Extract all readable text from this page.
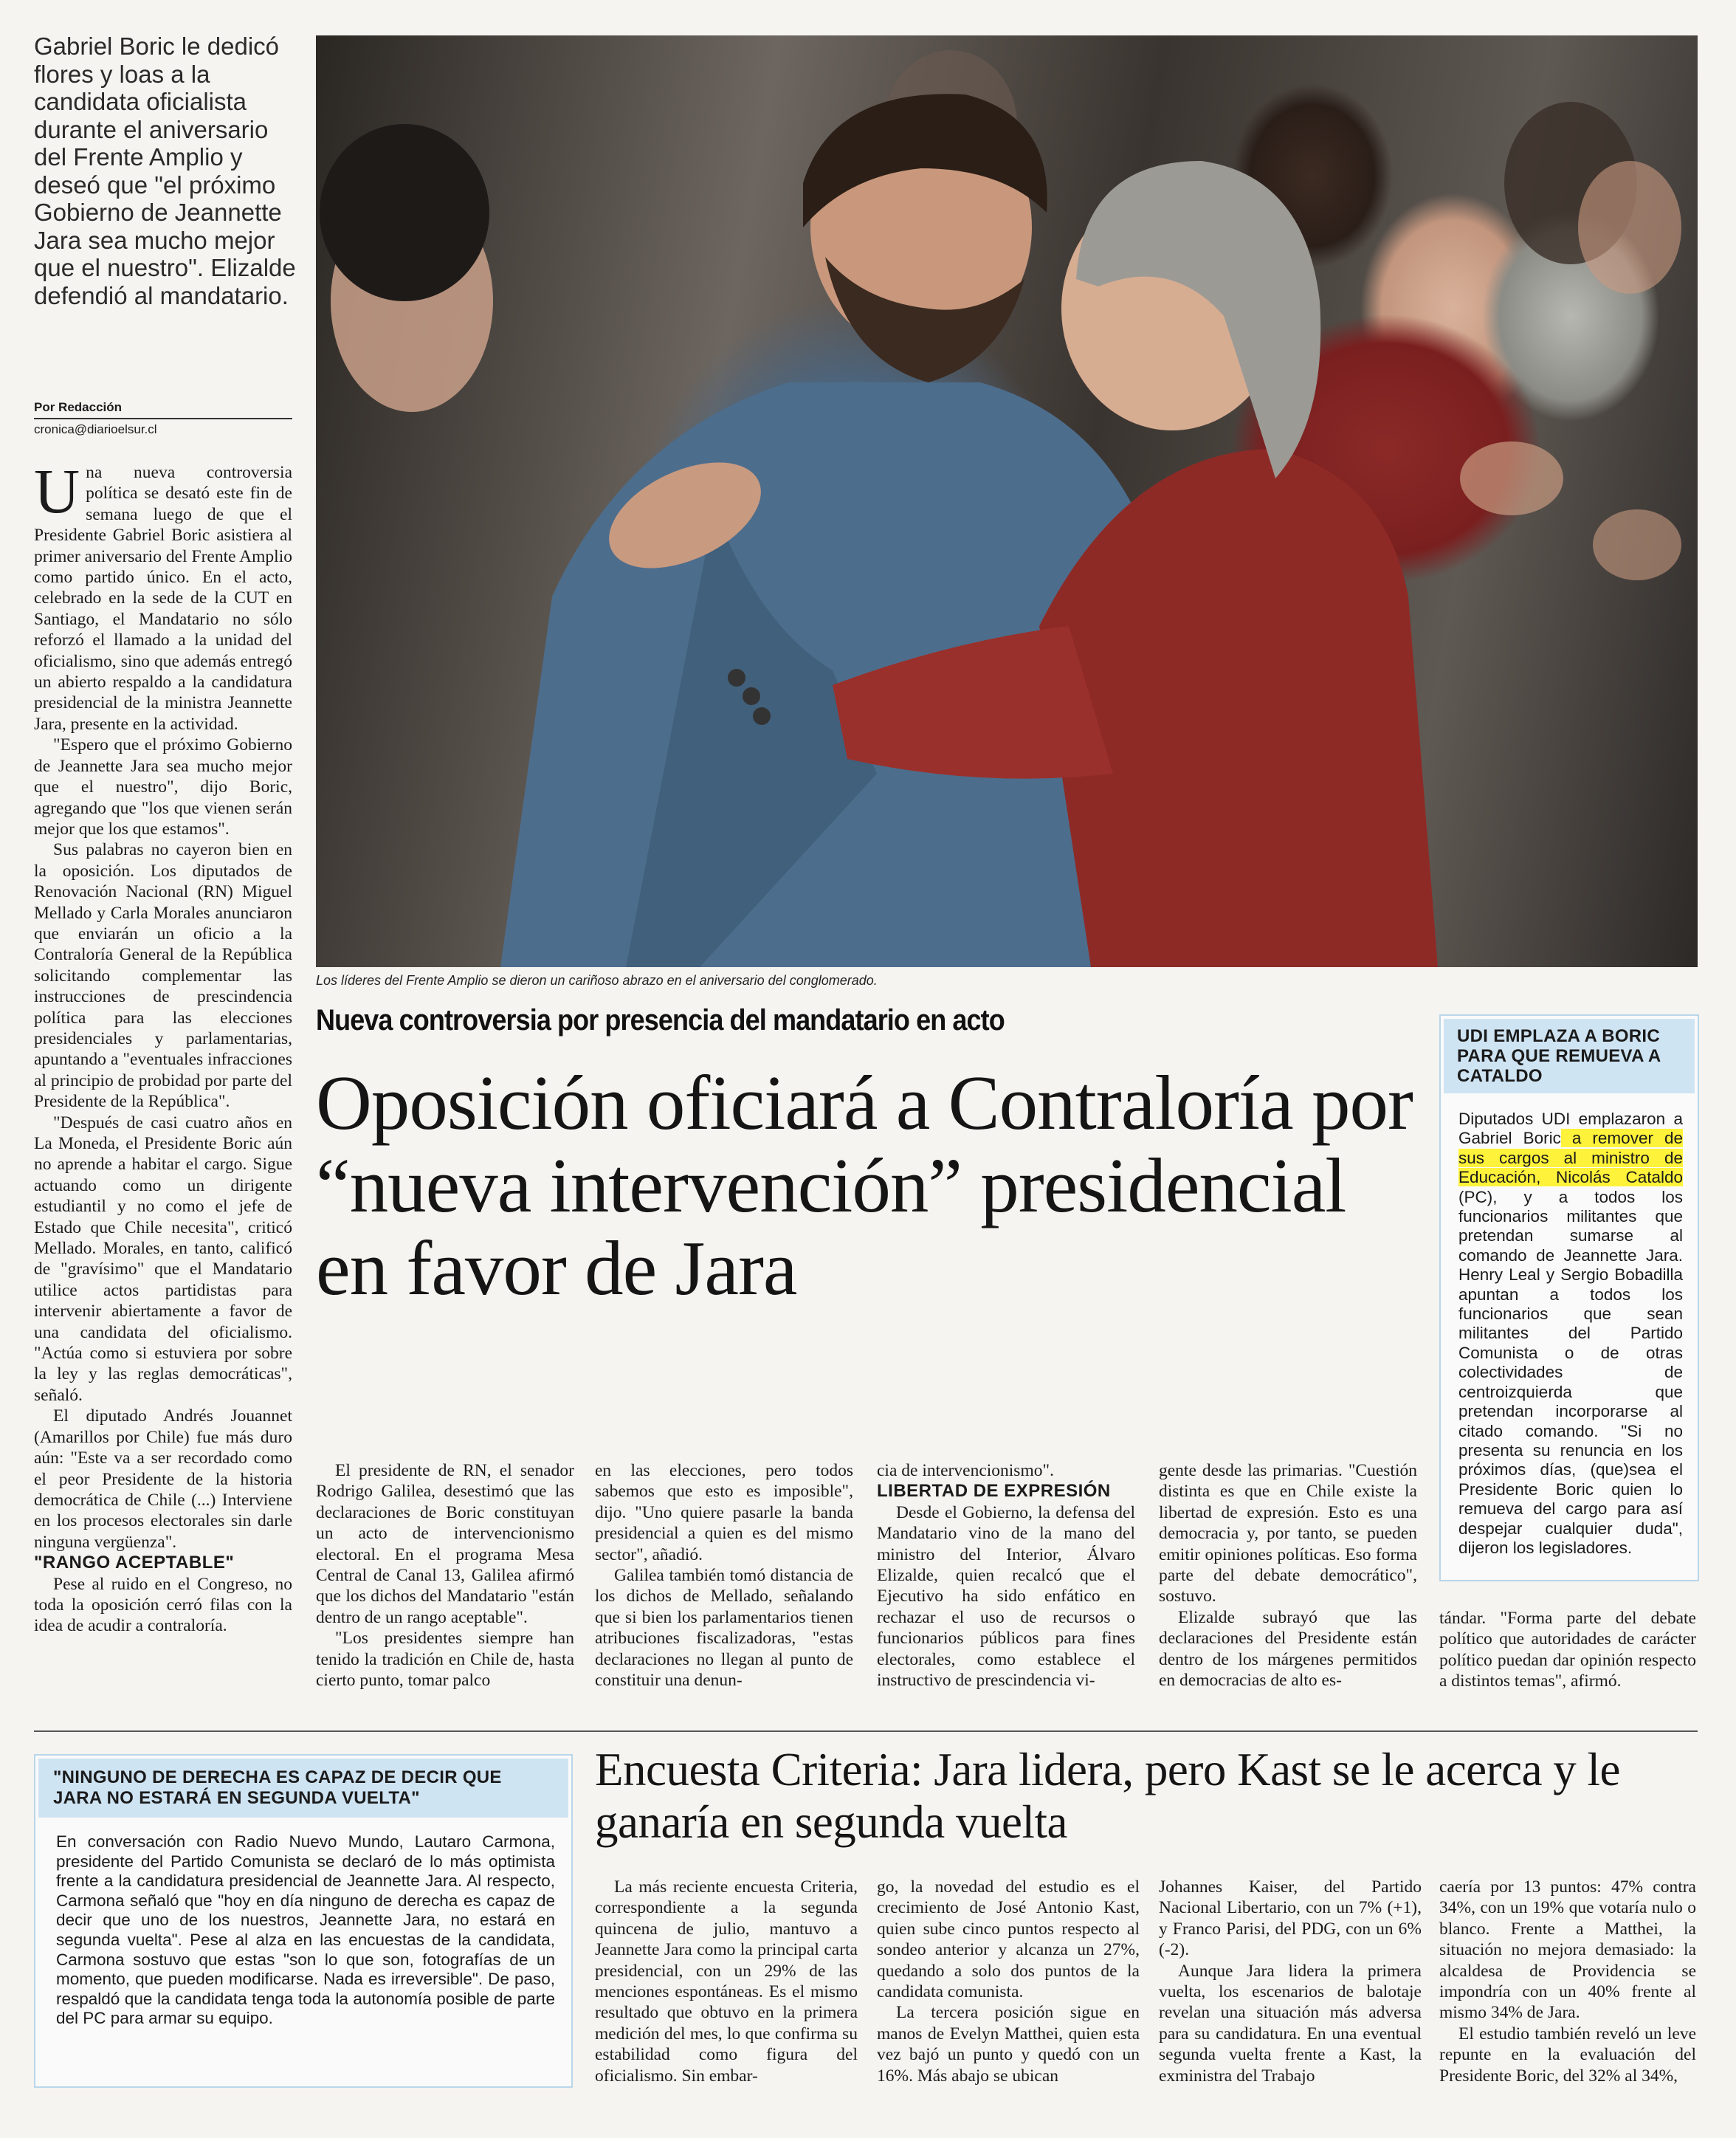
Gabriel Boric le dedicó flores y loas a la candidata oficialista durante el aniversario del Frente Amplio y deseó que "el próximo Gobierno de Jeannette Jara sea mucho mejor que el nuestro". Elizalde defendió al mandatario.
Por Redacción
cronica@diarioelsur.cl
Los líderes del Frente Amplio se dieron un cariñoso abrazo en el aniversario del conglomerado.
Nueva controversia por presencia del mandatario en acto
Oposición oficiará a Contraloría por “nueva intervención” presidencial en favor de Jara

Una nueva controversia política se desató este fin de semana luego de que el Presidente Gabriel Boric asistiera al primer aniversario del Frente Amplio como partido único. En el acto, celebrado en la sede de la CUT en Santiago, el Mandatario no sólo reforzó el llamado a la unidad del oficialismo, sino que además entregó un abierto respaldo a la candidatura presidencial de la ministra Jeannette Jara, presente en la actividad.

"Espero que el próximo Gobierno de Jeannette Jara sea mucho mejor que el nuestro", dijo Boric, agregando que "los que vienen serán mejor que los que estamos".

Sus palabras no cayeron bien en la oposición. Los diputados de Renovación Nacional (RN) Miguel Mellado y Carla Morales anunciaron que enviarán un oficio a la Contraloría General de la República solicitando complementar las instrucciones de prescindencia política para las elecciones presidenciales y parlamentarias, apuntando a "eventuales infracciones al principio de probidad por parte del Presidente de la República".

"Después de casi cuatro años en La Moneda, el Presidente Boric aún no aprende a habitar el cargo. Sigue actuando como un dirigente estudiantil y no como el jefe de Estado que Chile necesita", criticó Mellado. Morales, en tanto, calificó de "gravísimo" que el Mandatario utilice actos partidistas para intervenir abiertamente a favor de una candidata del oficialismo. "Actúa como si estuviera por sobre la ley y las reglas democráticas", señaló.

El diputado Andrés Jouannet (Amarillos por Chile) fue más duro aún: "Este va a ser recordado como el peor Presidente de la historia democrática de Chile (...) Interviene en los procesos electorales sin darle ninguna vergüenza".

"RANGO ACEPTABLE"

Pese al ruido en el Congreso, no toda la oposición cerró filas con la idea de acudir a contraloría.

El presidente de RN, el senador Rodrigo Galilea, desestimó que las declaraciones de Boric constituyan un acto de intervencionismo electoral. En el programa Mesa Central de Canal 13, Galilea afirmó que los dichos del Mandatario "están dentro de un rango aceptable".

"Los presidentes siempre han tenido la tradición en Chile de, hasta cierto punto, tomar palco

en las elecciones, pero todos sabemos que esto es imposible", dijo. "Uno quiere pasarle la banda presidencial a quien es del mismo sector", añadió.

Galilea también tomó distancia de los dichos de Mellado, señalando que si bien los parlamentarios tienen atribuciones fiscalizadoras, "estas declaraciones no llegan al punto de constituir una denun-

cia de intervencionismo".

LIBERTAD DE EXPRESIÓN

Desde el Gobierno, la defensa del Mandatario vino de la mano del ministro del Interior, Álvaro Elizalde, quien recalcó que el Ejecutivo ha sido enfático en rechazar el uso de recursos o funcionarios públicos para fines electorales, como establece el instructivo de prescindencia vi-

gente desde las primarias. "Cuestión distinta es que en Chile existe la libertad de expresión. Esto es una democracia y, por tanto, se pueden emitir opiniones políticas. Eso forma parte del debate democrático", sostuvo.

Elizalde subrayó que las declaraciones del Presidente están dentro de los márgenes permitidos en democracias de alto es-

UDI EMPLAZA A BORIC PARA QUE REMUEVA A CATALDO
Diputados UDI emplazaron a Gabriel Boric a remover de sus cargos al ministro de Educación, Nicolás Cataldo (PC), y a todos los funcionarios militantes que pretendan sumarse al comando de Jeannette Jara. Henry Leal y Sergio Bobadilla apuntan a todos los funcionarios que sean militantes del Partido Comunista o de otras colectividades de centroizquierda que pretendan incorporarse al citado comando. "Si no presenta su renuncia en los próximos días, (que)sea el Presidente Boric quien lo remueva del cargo para así despejar cualquier duda", dijeron los legisladores.

tándar. "Forma parte del debate político que autoridades de carácter político puedan dar opinión respecto a distintos temas", afirmó.

"NINGUNO DE DERECHA ES CAPAZ DE DECIR QUE JARA NO ESTARÁ EN SEGUNDA VUELTA"
En conversación con Radio Nuevo Mundo, Lautaro Carmona, presidente del Partido Comunista se declaró de lo más optimista frente a la candidatura presidencial de Jeannette Jara. Al respecto, Carmona señaló que "hoy en día ninguno de derecha es capaz de decir que uno de los nuestros, Jeannette Jara, no estará en segunda vuelta". Pese al alza en las encuestas de la candidata, Carmona sostuvo que estas "son lo que son, fotografías de un momento, que pueden modificarse. Nada es irreversible". De paso, respaldó que la candidata tenga toda la autonomía posible de parte del PC para armar su equipo.
Encuesta Criteria: Jara lidera, pero Kast se le acerca y le ganaría en segunda vuelta

La más reciente encuesta Criteria, correspondiente a la segunda quincena de julio, mantuvo a Jeannette Jara como la principal carta presidencial, con un 29% de las menciones espontáneas. Es el mismo resultado que obtuvo en la primera medición del mes, lo que confirma su estabilidad como figura del oficialismo. Sin embar-

go, la novedad del estudio es el crecimiento de José Antonio Kast, quien sube cinco puntos respecto al sondeo anterior y alcanza un 27%, quedando a solo dos puntos de la candidata comunista.

La tercera posición sigue en manos de Evelyn Matthei, quien esta vez bajó un punto y quedó con un 16%. Más abajo se ubican

Johannes Kaiser, del Partido Nacional Libertario, con un 7% (+1), y Franco Parisi, del PDG, con un 6% (-2).

Aunque Jara lidera la primera vuelta, los escenarios de balotaje revelan una situación más adversa para su candidatura. En una eventual segunda vuelta frente a Kast, la exministra del Trabajo

caería por 13 puntos: 47% contra 34%, con un 19% que votaría nulo o blanco. Frente a Matthei, la situación no mejora demasiado: la alcaldesa de Providencia se impondría con un 40% frente al mismo 34% de Jara.

El estudio también reveló un leve repunte en la evaluación del Presidente Boric, del 32% al 34%,
